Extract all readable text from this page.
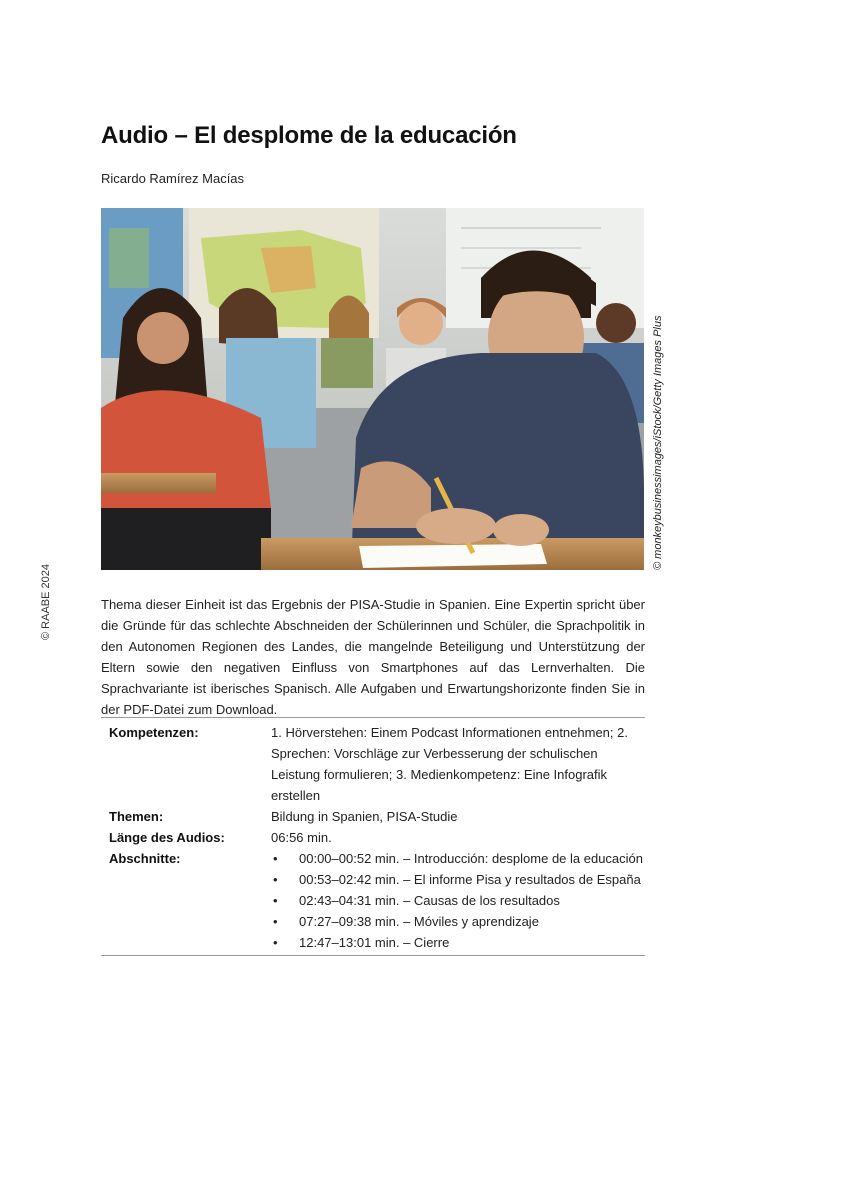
Audio – El desplome de la educación
Ricardo Ramírez Macías
© RAABE 2024
© monkeybusinessimages/iStock/Getty Images Plus

Thema dieser Einheit ist das Ergebnis der PISA-Studie in Spanien. Eine Expertin spricht über die Gründe für das schlechte Abschneiden der Schülerinnen und Schüler, die Sprachpolitik in den Autonomen Regionen des Landes, die mangelnde Beteiligung und Unterstützung der Eltern sowie den negativen Einfluss von Smartphones auf das Lernverhalten. Die Sprachvariante ist iberisches Spanisch. Alle Aufgaben und Erwartungshorizonte finden Sie in der PDF-Datei zum Download.

Kompetenzen:	1. Hörverstehen: Einem Podcast Informationen entnehmen; 2. Sprechen: Vorschläge zur Verbesserung der schulischen Leistung formulieren; 3. Medienkompetenz: Eine Infografik erstellen
Themen:	Bildung in Spanien, PISA-Studie
Länge des Audios:	06:56 min.
Abschnitte:	•	00:00–00:52 min. – Introducción: desplome de la educación
•	00:53–02:42 min. – El informe Pisa y resultados de España
•	02:43–04:31 min. – Causas de los resultados
•	07:27–09:38 min. – Móviles y aprendizaje
•	12:47–13:01 min. – Cierre
